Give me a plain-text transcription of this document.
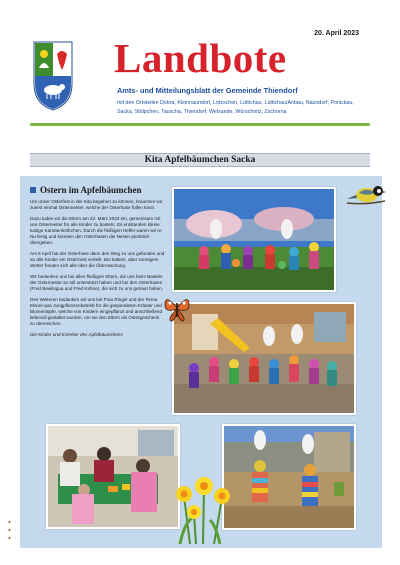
20. April 2023
Landbote
Amts- und Mitteilungsblatt der Gemeinde Thiendorf
mit den Ortsteilen Dobra, Kleinnaundorf, Lötzschen, Lüttichau, Lüttichau/Anbau, Naundorf, Ponickau, Sacka, Stölpchen, Tauscha, Thiendorf, Welxande, Würschnitz, Zschorna
Kita Apfelbäumchen Sacka
Ostern im Apfelbäumchen

Um unser Osterfest in der Kita begehen zu können, brauchen wir zuerst einmal Ostennester, welche der Osterhase füllen kann.

Dazu luden wir die Eltern am 22. März 2023 ein, gemeinsam mit uns Osternester für alle Kinder zu basteln. Es entstanden kleine lustige Karottenkörbchen. Durch die fleißigen Helfer waren wir re Nu fertig und konnten den Osterhasen die Nester pünktlich übergeben.

Am 5 April hat der Osterhase dann den Weg zu uns gefunden und an alle Kinder ein Osternest verteilt. Bei kaltem, aber sonnigem Wetter freuten sich alle über die Überraschung.

Wir bedanken uns bei allen fleißigen Eltern, die uns beim Basteln der Osternester so toll unterstützt haben und bei den Osterhasen (Fred Bewilogua und Fred Kühne), die sich zu uns getraut haben.

Des Weiteren bedanken wir uns bei Frau Ringel und der Firma Elsner-pac Jungpflanzenbetrieb für die gespendeten Kräuter und Blumentöpfe, welche von Kindern eingepflanzt und anschließend liebevoll gestaltet wurden, um sie den Eltern als Ostergeschenk zu überreichen.

Die Kinder und Erzieher des Apfelbäumchens
